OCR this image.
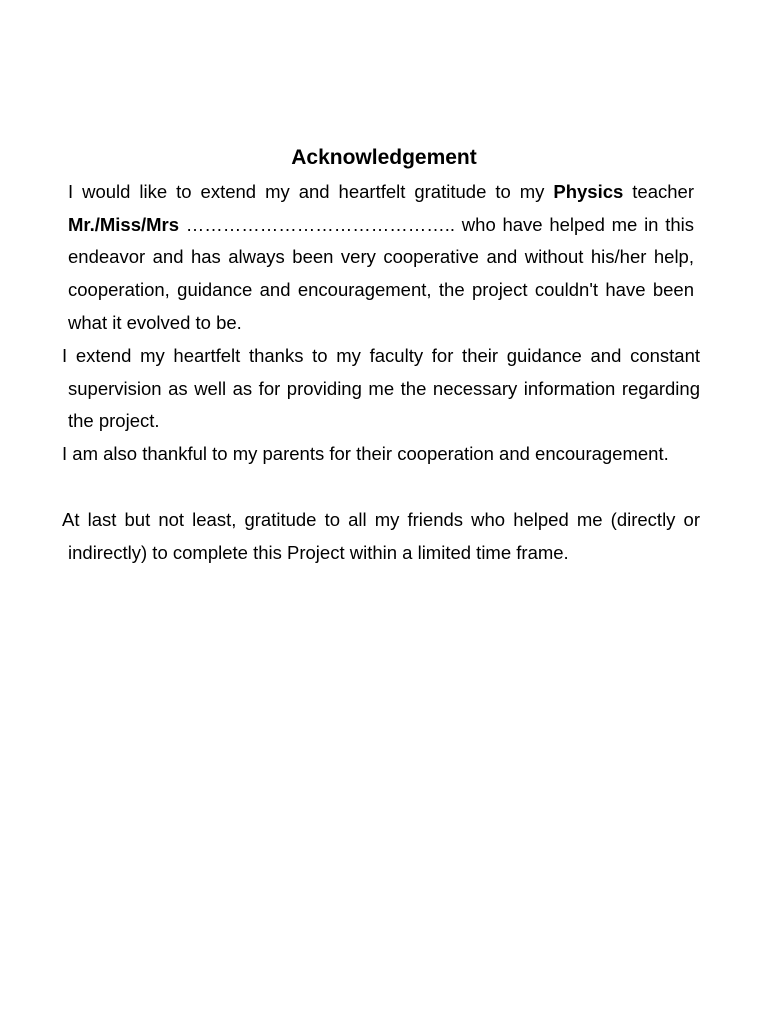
Acknowledgement
I would like to extend my and heartfelt gratitude to my Physics teacher Mr./Miss/Mrs …………………………………….. who have helped me in this endeavor and has always been very cooperative and without his/her help, cooperation, guidance and encouragement, the project couldn't have been what it evolved to be.
I extend my heartfelt thanks to my faculty for their guidance and constant supervision as well as for providing me the necessary information regarding the project.
I am also thankful to my parents for their cooperation and encouragement.
At last but not least, gratitude to all my friends who helped me (directly or indirectly) to complete this Project within a limited time frame.
